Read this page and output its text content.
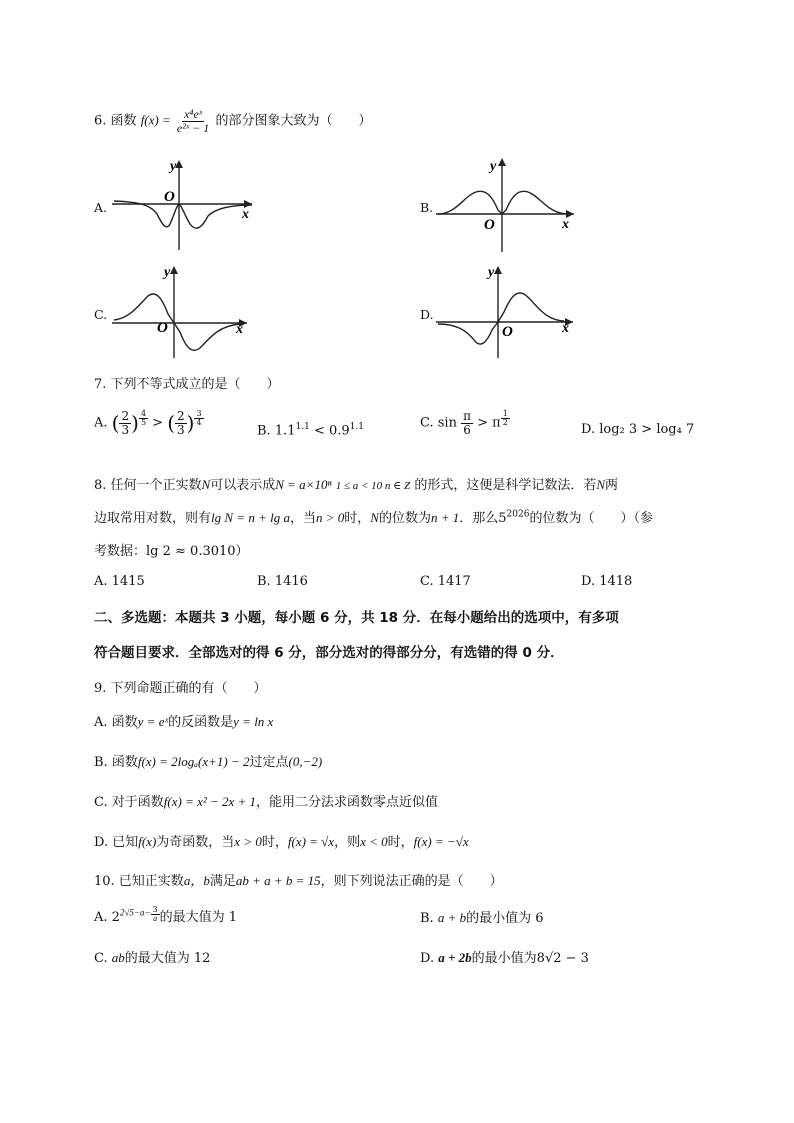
6. 函数 $f(x) = \frac{\text{x⁴eˣ}}{\text{e²ˣ − 1}}$ 的部分图象大致为（　　）
A.
y
O
x	B.
y
O	x
C.
y
O	x
D.
y
O	x
7. 下列不等式成立的是（　　）
A. ( $\frac{2}{3}$ ) $\frac{4}{5}$ > ( $\frac{2}{3}$ ) $\frac{3}{4}$
B. $1.1^{1.1} < 0.9^{1.1}$	C. $\sin \frac{\pi}{6} > \pi \frac{1}{2}$
D. log₂ 3 > log₄ 7
8. 任何一个正实数N可以表示成N = a×10ⁿ 1 ≤ a < 10 n ∈ Z 的形式，这便是科学记数法．若N两
边取常用对数，则有lg N = n + lg a，当n > 0时，N的位数为n + 1．那么$5^{2026}$的位数为（　　）（参
考数据：lg 2 ≈ 0.3010）
A. 1415	B. 1416	C. 1417	D. 1418
二、多选题：本题共 3 小题，每小题 6 分，共 18 分．在每小题给出的选项中，有多项
符合题目要求．全部选对的得 6 分，部分选对的得部分分，有选错的得 0 分．
9. 下列命题正确的有（　　）
A. 函数y = eˣ的反函数是y = ln x
B. 函数f(x) = 2logₐ(x+1) − 2过定点(0,−2)
C. 对于函数f(x) = x² − 2x + 1，能用二分法求函数零点近似值
D. 已知f(x)为奇函数，当x > 0时，f(x) = √x，则x < 0时，f(x) = −√x
10. 已知正实数a，b满足ab + a + b = 15，则下列说法正确的是（　　）
A. $2^{2√5-a-} \frac{3}{a}$ 的最大值为 1	B. a + b的最小值为 6
C. ab的最大值为 12	D. a + 2b的最小值为8√2 − 3
